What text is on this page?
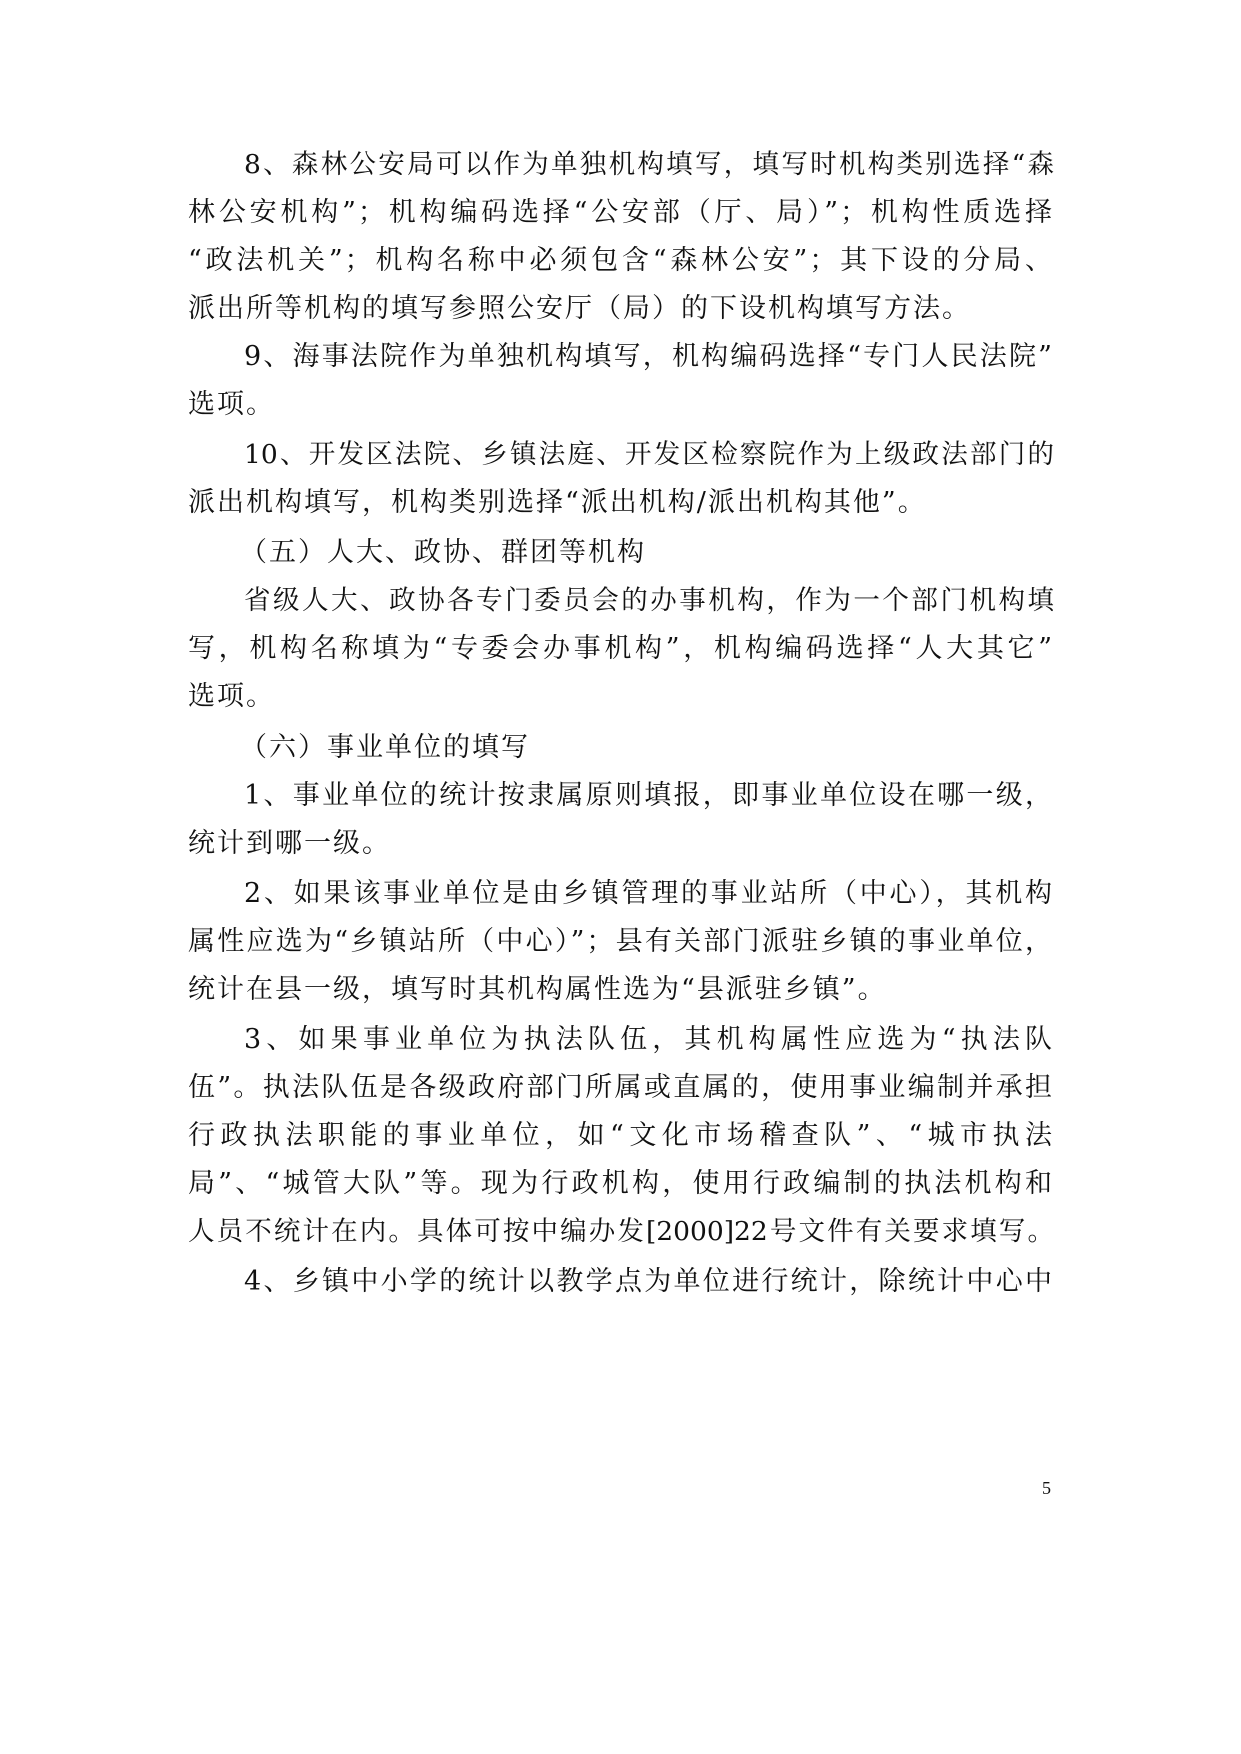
8、森林公安局可以作为单独机构填写，填写时机构类别选择“森
林公安机构”；机构编码选择“公安部（厅、局）”；机构性质选择
“政法机关”；机构名称中必须包含“森林公安”；其下设的分局、
派出所等机构的填写参照公安厅（局）的下设机构填写方法。
9、海事法院作为单独机构填写，机构编码选择“专门人民法院”
选项。
10、开发区法院、乡镇法庭、开发区检察院作为上级政法部门的
派出机构填写，机构类别选择“派出机构/派出机构其他”。
（五）人大、政协、群团等机构
省级人大、政协各专门委员会的办事机构，作为一个部门机构填
写，机构名称填为“专委会办事机构”，机构编码选择“人大其它”
选项。
（六）事业单位的填写
1、事业单位的统计按隶属原则填报，即事业单位设在哪一级，
统计到哪一级。
2、如果该事业单位是由乡镇管理的事业站所（中心），其机构
属性应选为“乡镇站所（中心）”；县有关部门派驻乡镇的事业单位，
统计在县一级，填写时其机构属性选为“县派驻乡镇”。
3、如果事业单位为执法队伍，其机构属性应选为“执法队
伍”。执法队伍是各级政府部门所属或直属的，使用事业编制并承担
行政执法职能的事业单位，如“文化市场稽查队”、“城市执法
局”、“城管大队”等。现为行政机构，使用行政编制的执法机构和
人员不统计在内。具体可按中编办发[2000]22号文件有关要求填写。
4、乡镇中小学的统计以教学点为单位进行统计，除统计中心中
5
